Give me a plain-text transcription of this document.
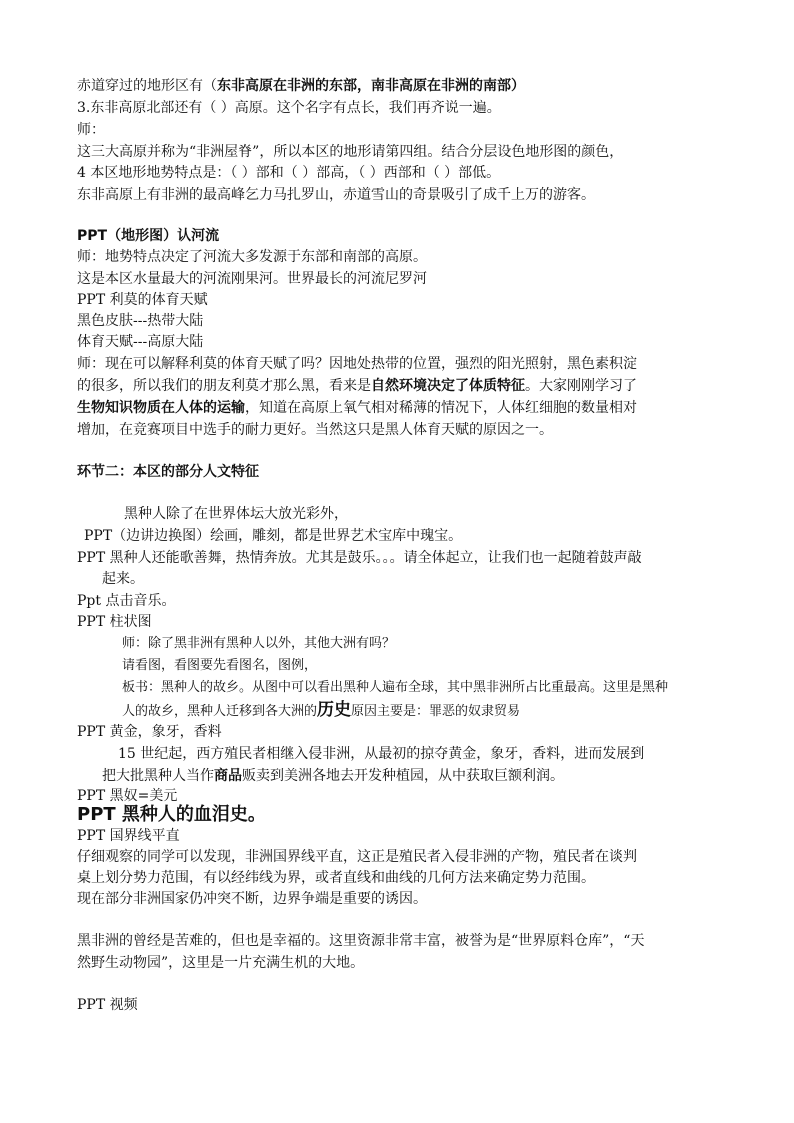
赤道穿过的地形区有（东非高原在非洲的东部，南非高原在非洲的南部）
3.东非高原北部还有（ ）高原。这个名字有点长，我们再齐说一遍。
师：
这三大高原并称为“非洲屋脊”，所以本区的地形请第四组。结合分层设色地形图的颜色，
4 本区地形地势特点是：（ ）部和（ ）部高，（ ）西部和（ ）部低。
东非高原上有非洲的最高峰乞力马扎罗山，赤道雪山的奇景吸引了成千上万的游客。
PPT（地形图）认河流
师：地势特点决定了河流大多发源于东部和南部的高原。
这是本区水量最大的河流刚果河。世界最长的河流尼罗河
PPT 利莫的体育天赋
黑色皮肤---热带大陆
体育天赋---高原大陆
师：现在可以解释利莫的体育天赋了吗？因地处热带的位置，强烈的阳光照射，黑色素积淀
的很多，所以我们的朋友利莫才那么黑，看来是自然环境决定了体质特征。大家刚刚学习了
生物知识物质在人体的运输，知道在高原上氧气相对稀薄的情况下，人体红细胞的数量相对
增加，在竞赛项目中选手的耐力更好。当然这只是黑人体育天赋的原因之一。
环节二：本区的部分人文特征
黑种人除了在世界体坛大放光彩外，
PPT（边讲边换图）绘画，雕刻，都是世界艺术宝库中瑰宝。
PPT 黑种人还能歌善舞，热情奔放。尤其是鼓乐。。。请全体起立，让我们也一起随着鼓声敲
起来。
Ppt 点击音乐。
PPT 柱状图
师：除了黑非洲有黑种人以外，其他大洲有吗？
请看图，看图要先看图名，图例，
板书：黑种人的故乡。从图中可以看出黑种人遍布全球，其中黑非洲所占比重最高。这里是黑种
人的故乡，黑种人迁移到各大洲的历史原因主要是：罪恶的奴隶贸易
PPT 黄金，象牙，香料
15 世纪起，西方殖民者相继入侵非洲，从最初的掠夺黄金，象牙，香料，进而发展到
把大批黑种人当作商品贩卖到美洲各地去开发种植园，从中获取巨额利润。
PPT 黑奴=美元
PPT 黑种人的血泪史。
PPT 国界线平直
仔细观察的同学可以发现，非洲国界线平直，这正是殖民者入侵非洲的产物，殖民者在谈判
桌上划分势力范围，有以经纬线为界，或者直线和曲线的几何方法来确定势力范围。
现在部分非洲国家仍冲突不断，边界争端是重要的诱因。
黑非洲的曾经是苦难的，但也是幸福的。这里资源非常丰富，被誉为是“世界原料仓库”，“天
然野生动物园”，这里是一片充满生机的大地。
PPT 视频
